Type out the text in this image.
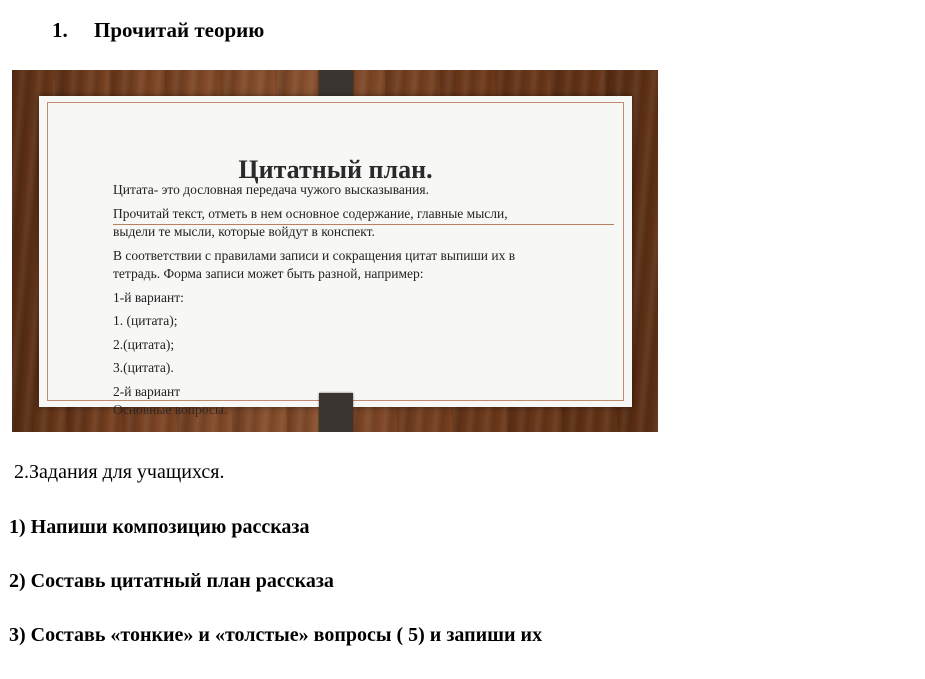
1. Прочитай теорию
Цитатный план.
Цитата- это дословная передача чужого высказывания.
Прочитай текст, отметь в нем основное содержание, главные мысли,
выдели те мысли, которые войдут в конспект.
В соответствии с правилами записи и сокращения цитат выпиши их в
тетрадь. Форма записи может быть разной, например:
1-й вариант:
1. (цитата);
2.(цитата);
3.(цитата).
2-й вариант
Основные вопросы.
2.Задания для учащихся.
1) Напиши композицию рассказа
2) Составь цитатный план рассказа
3) Составь «тонкие» и «толстые» вопросы ( 5) и запиши их
